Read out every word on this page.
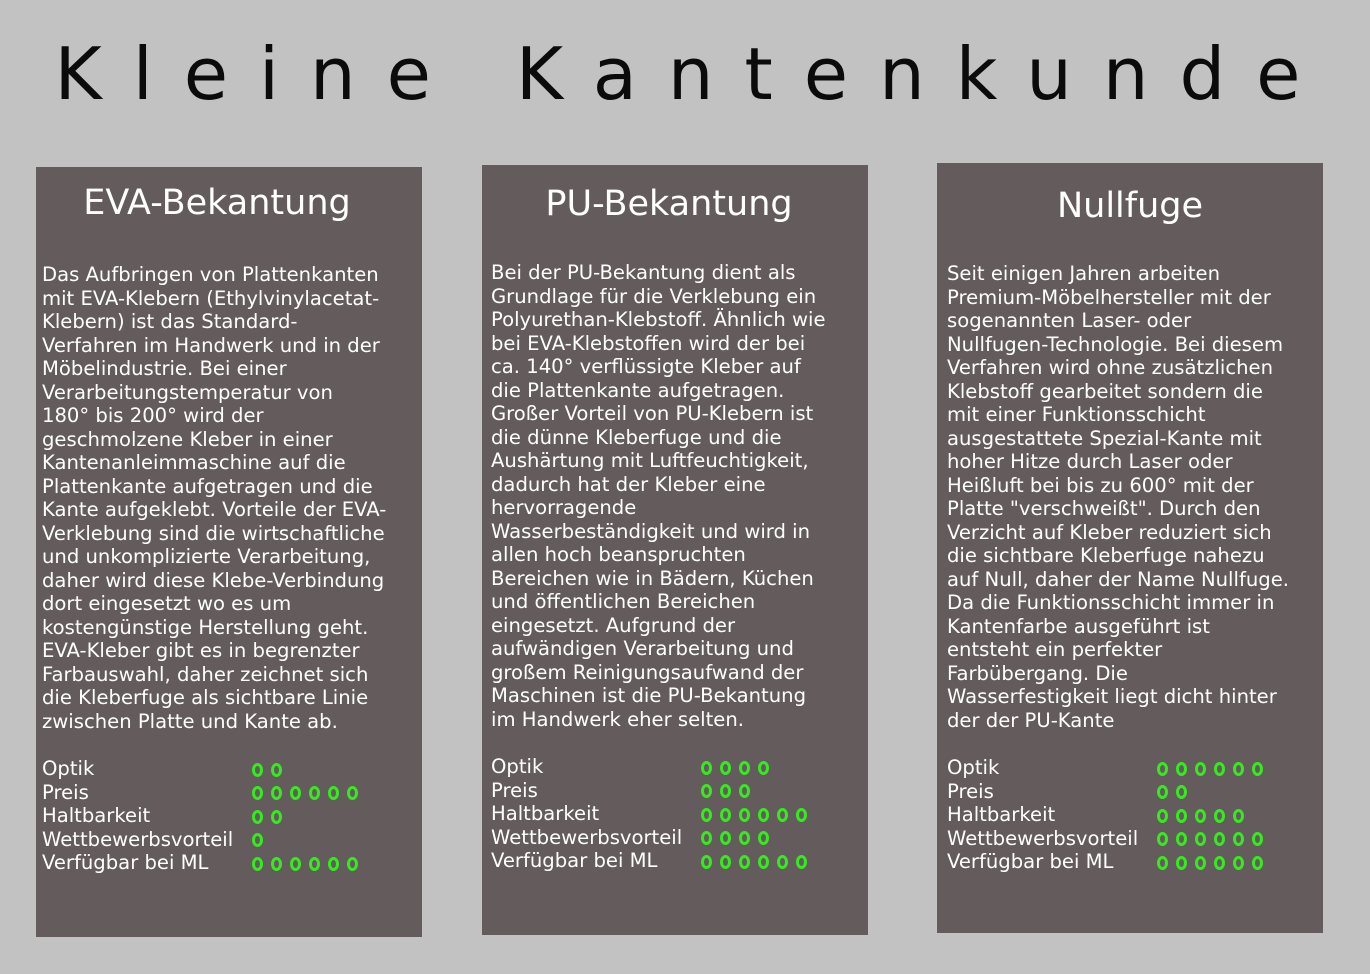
Kleine Kantenkunde
EVA-Bekantung
Das Aufbringen von Plattenkanten
mit EVA-Klebern (Ethylvinylacetat-
Klebern) ist das Standard-
Verfahren im Handwerk und in der
Möbelindustrie. Bei einer
Verarbeitungstemperatur von
180° bis 200° wird der
geschmolzene Kleber in einer
Kantenanleimmaschine auf die
Plattenkante aufgetragen und die
Kante aufgeklebt. Vorteile der EVA-
Verklebung sind die wirtschaftliche
und unkomplizierte Verarbeitung,
daher wird diese Klebe-Verbindung
dort eingesetzt wo es um
kostengünstige Herstellung geht.
EVA-Kleber gibt es in begrenzter
Farbauswahl, daher zeichnet sich
die Kleberfuge als sichtbare Linie
zwischen Platte und Kante ab.
Optik
Preis
Haltbarkeit
Wettbewerbsvorteil
Verfügbar bei ML
PU-Bekantung
Bei der PU-Bekantung dient als
Grundlage für die Verklebung ein
Polyurethan-Klebstoff. Ähnlich wie
bei EVA-Klebstoffen wird der bei
ca. 140° verflüssigte Kleber auf
die Plattenkante aufgetragen.
Großer Vorteil von PU-Klebern ist
die dünne Kleberfuge und die
Aushärtung mit Luftfeuchtigkeit,
dadurch hat der Kleber eine
hervorragende
Wasserbeständigkeit und wird in
allen hoch beanspruchten
Bereichen wie in Bädern, Küchen
und öffentlichen Bereichen
eingesetzt. Aufgrund der
aufwändigen Verarbeitung und
großem Reinigungsaufwand der
Maschinen ist die PU-Bekantung
im Handwerk eher selten.
Optik
Preis
Haltbarkeit
Wettbewerbsvorteil
Verfügbar bei ML
Nullfuge
Seit einigen Jahren arbeiten
Premium-Möbelhersteller mit der
sogenannten Laser- oder
Nullfugen-Technologie. Bei diesem
Verfahren wird ohne zusätzlichen
Klebstoff gearbeitet sondern die
mit einer Funktionsschicht
ausgestattete Spezial-Kante mit
hoher Hitze durch Laser oder
Heißluft bei bis zu 600° mit der
Platte "verschweißt". Durch den
Verzicht auf Kleber reduziert sich
die sichtbare Kleberfuge nahezu
auf Null, daher der Name Nullfuge.
Da die Funktionsschicht immer in
Kantenfarbe ausgeführt ist
entsteht ein perfekter
Farbübergang. Die
Wasserfestigkeit liegt dicht hinter
der der PU-Kante
Optik
Preis
Haltbarkeit
Wettbewerbsvorteil
Verfügbar bei ML
